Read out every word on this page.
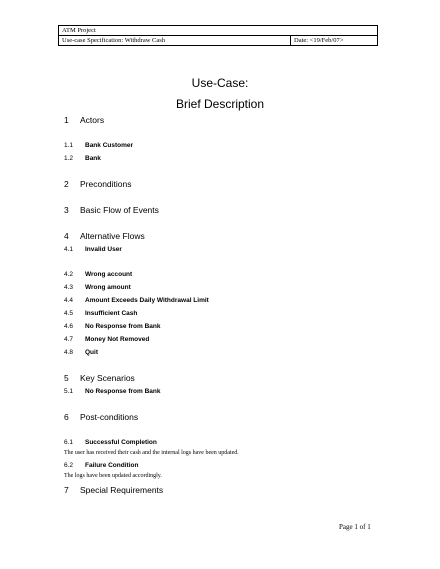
ATM Project
Use-case Specification: Withdraw Cash	Date: <19/Feb/07>
Use-Case:
Brief Description
1 Actors
1.1 Bank Customer
1.2 Bank
2 Preconditions
3 Basic Flow of Events
4 Alternative Flows
4.1 Invalid User
4.2 Wrong account
4.3 Wrong amount
4.4 Amount Exceeds Daily Withdrawal Limit
4.5 Insufficient Cash
4.6 No Response from Bank
4.7 Money Not Removed
4.8 Quit
5 Key Scenarios
5.1 No Response from Bank
6 Post-conditions
6.1 Successful Completion
The user has received their cash and the internal logs have been updated.
6.2 Failure Condition
The logs have been updated accordingly.
7 Special Requirements
Page 1 of 1
